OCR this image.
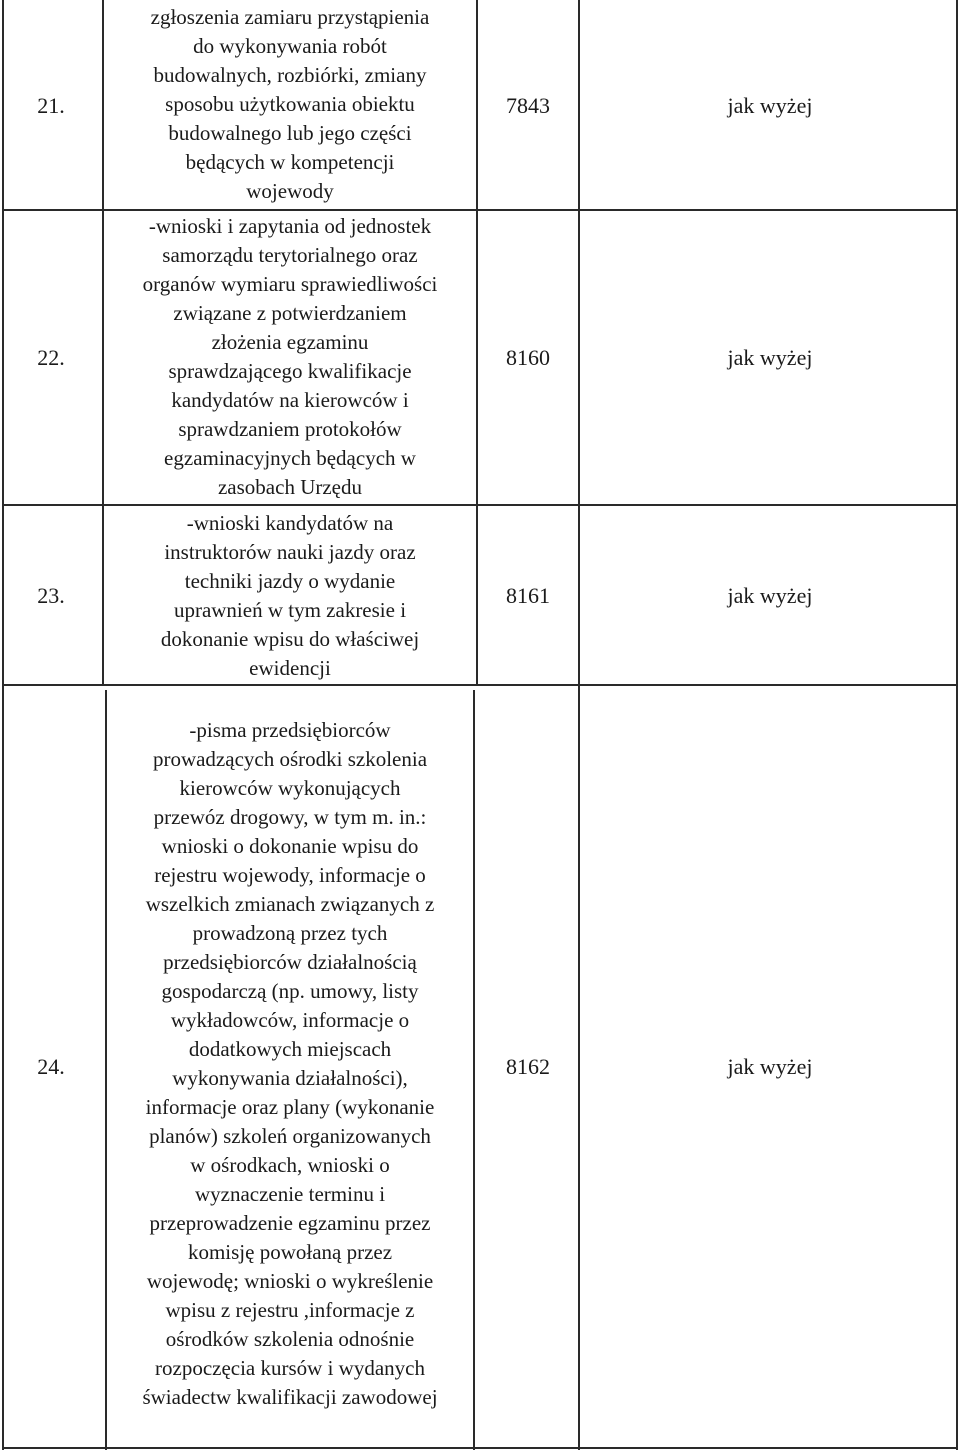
21.
zgłoszenia zamiaru przystąpienia
do wykonywania robót
budowalnych, rozbiórki, zmiany
sposobu użytkowania obiektu
budowalnego lub jego części
będących w kompetencji
wojewody
7843	jak wyżej
22.
-wnioski i zapytania od jednostek
samorządu terytorialnego oraz
organów wymiaru sprawiedliwości
związane z potwierdzaniem
złożenia egzaminu
sprawdzającego kwalifikacje
kandydatów na kierowców i
sprawdzaniem protokołów
egzaminacyjnych będących w
zasobach Urzędu
8160	jak wyżej
23.
-wnioski kandydatów na
instruktorów nauki jazdy oraz
techniki jazdy o wydanie
uprawnień w tym zakresie i
dokonanie wpisu do właściwej
ewidencji
8161	jak wyżej
24.
-pisma przedsiębiorców
prowadzących ośrodki szkolenia
kierowców wykonujących
przewóz drogowy, w tym m. in.:
wnioski o dokonanie wpisu do
rejestru wojewody, informacje o
wszelkich zmianach związanych z
prowadzoną przez tych
przedsiębiorców działalnością
gospodarczą (np. umowy, listy
wykładowców, informacje o
dodatkowych miejscach
wykonywania działalności),
informacje oraz plany (wykonanie
planów) szkoleń organizowanych
w ośrodkach, wnioski o
wyznaczenie terminu i
przeprowadzenie egzaminu przez
komisję powołaną przez
wojewodę; wnioski o wykreślenie
wpisu z rejestru ,informacje z
ośrodków szkolenia odnośnie
rozpoczęcia kursów i wydanych
świadectw kwalifikacji zawodowej
8162	jak wyżej
